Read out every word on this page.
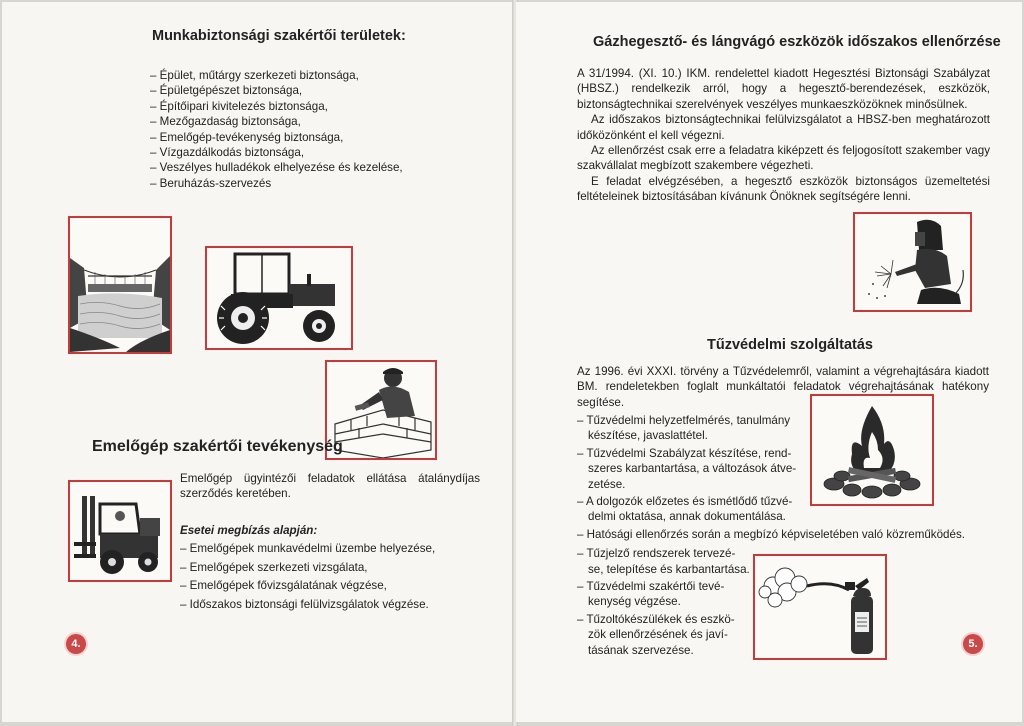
Munkabiztonsági szakértői területek:
– Épület, műtárgy szerkezeti biztonsága,
– Épületgépészet biztonsága,
– Építőipari kivitelezés biztonsága,
– Mezőgazdaság biztonsága,
– Emelőgép-tevékenység biztonsága,
– Vízgazdálkodás biztonsága,
– Veszélyes hulladékok elhelyezése és kezelése,
– Beruházás-szervezés
Emelőgép szakértői tevékenység
Emelőgép ügyintézői feladatok ellátása átalánydíjas szerződés keretében.
Esetei megbízás alapján:
– Emelőgépek munkavédelmi üzembe helyezése,
– Emelőgépek szerkezeti vizsgálata,
– Emelőgépek fővizsgálatának végzése,
– Időszakos biztonsági felülvizsgálatok végzése.
4.
Gázhegesztő- és lángvágó eszközök időszakos ellenőrzése

A 31/1994. (XI. 10.) IKM. rendelettel kiadott Hegesztési Biztonsági Szabályzat (HBSZ.) rendelkezik arról, hogy a hegesztő-berendezések, eszközök, biztonságtechnikai szerelvények veszélyes munkaeszközöknek minősülnek.

Az időszakos biztonságtechnikai felülvizsgálatot a HBSZ-ben meghatározott időközönként el kell végezni.

Az ellenőrzést csak erre a feladatra kiképzett és feljogosított szakember vagy szakvállalat megbízott szakembere végezheti.

E feladat elvégzésében, a hegesztő eszközök biztonságos üzemeltetési feltételeinek biztosításában kívánunk Önöknek segítségére lenni.

Tűzvédelmi szolgáltatás
Az 1996. évi XXXI. törvény a Tűzvédelemről, valamint a végrehajtására kiadott BM. rendeletekben foglalt munkáltatói feladatok végrehajtásának hatékony segítése.
– Tűzvédelmi helyzetfelmérés, tanulmány
készítése, javaslattétel.
– Tűzvédelmi Szabályzat készítése, rend-
szeres karbantartása, a változások átve-
zetése.
– A dolgozók előzetes és ismétlődő tűzvé-
delmi oktatása, annak dokumentálása.
– Hatósági ellenőrzés során a megbízó képviseletében való közreműködés.
– Tűzjelző rendszerek tervezé-
se, telepítése és karbantartása.
– Tűzvédelmi szakértői tevé-
kenység végzése.
– Tűzoltókészülékek és eszkö-
zök ellenőrzésének és javí-
tásának szervezése.	5.
